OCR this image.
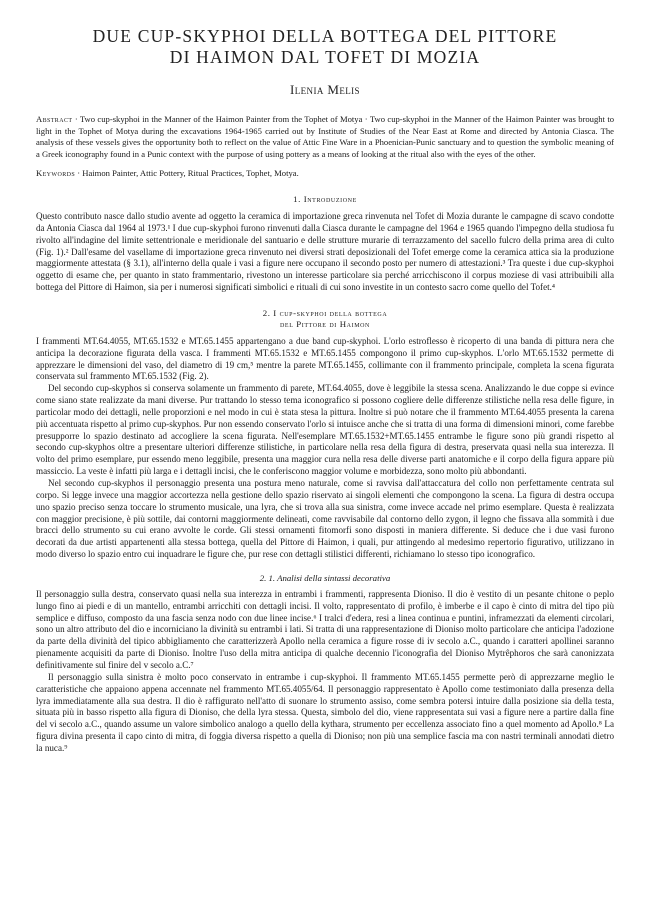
DUE CUP-SKYPHOI DELLA BOTTEGA DEL PITTORE
DI HAIMON DAL TOFET DI MOZIA
Ilenia Melis

Abstract · Two cup-skyphoi in the Manner of the Haimon Painter from the Tophet of Motya · Two cup-skyphoi in the Manner of the Haimon Painter was brought to light in the Tophet of Motya during the excavations 1964-1965 carried out by Institute of Studies of the Near East at Rome and directed by Antonia Ciasca. The analysis of these vessels gives the opportunity both to reflect on the value of Attic Fine Ware in a Phoenician-Punic sanctuary and to question the symbolic meaning of a Greek iconography found in a Punic context with the purpose of using pottery as a means of looking at the ritual also with the eyes of the other.

Keywords · Haimon Painter, Attic Pottery, Ritual Practices, Tophet, Motya.

1. Introduzione

Questo contributo nasce dallo studio avente ad oggetto la ceramica di importazione greca rinvenuta nel Tofet di Mozia durante le campagne di scavo condotte da Antonia Ciasca dal 1964 al 1973.¹ I due cup-skyphoi furono rinvenuti dalla Ciasca durante le campagne del 1964 e 1965 quando l'impegno della studiosa fu rivolto all'indagine del limite settentrionale e meridionale del santuario e delle strutture murarie di terrazzamento del sacello fulcro della prima area di culto (Fig. 1).² Dall'esame del vasellame di importazione greca rinvenuto nei diversi strati deposizionali del Tofet emerge come la ceramica attica sia la produzione maggiormente attestata (§ 3.1), all'interno della quale i vasi a figure nere occupano il secondo posto per numero di attestazioni.³ Tra queste i due cup-skyphoi oggetto di esame che, per quanto in stato frammentario, rivestono un interesse particolare sia perché arricchiscono il corpus moziese di vasi attribuibili alla bottega del Pittore di Haimon, sia per i numerosi significati simbolici e rituali di cui sono investite in un contesto sacro come quello del Tofet.⁴

2. I cup-skyphoi della bottega
del Pittore di Haimon

I frammenti MT.64.4055, MT.65.1532 e MT.65.1455 appartengano a due band cup-skyphoi. L'orlo estroflesso è ricoperto di una banda di pittura nera che anticipa la decorazione figurata della vasca. I frammenti MT.65.1532 e MT.65.1455 compongono il primo cup-skyphos. L'orlo MT.65.1532 permette di apprezzare le dimensioni del vaso, del diametro di 19 cm,⁵ mentre la parete MT.65.1455, collimante con il frammento principale, completa la scena figurata conservata sul frammento MT.65.1532 (Fig. 2).

Del secondo cup-skyphos si conserva solamente un frammento di parete, MT.64.4055, dove è leggibile la stessa scena. Analizzando le due coppe si evince come siano state realizzate da mani diverse. Pur trattando lo stesso tema iconografico si possono cogliere delle differenze stilistiche nella resa delle figure, in particolar modo dei dettagli, nelle proporzioni e nel modo in cui è stata stesa la pittura. Inoltre si può notare che il frammento MT.64.4055 presenta la carena più accentuata rispetto al primo cup-skyphos. Pur non essendo conservato l'orlo si intuisce anche che si tratta di una forma di dimensioni minori, come farebbe presupporre lo spazio destinato ad accogliere la scena figurata. Nell'esemplare MT.65.1532+MT.65.1455 entrambe le figure sono più grandi rispetto al secondo cup-skyphos oltre a presentare ulteriori differenze stilistiche, in particolare nella resa della figura di destra, preservata quasi nella sua interezza. Il volto del primo esemplare, pur essendo meno leggibile, presenta una maggior cura nella resa delle diverse parti anatomiche e il corpo della figura appare più massiccio. La veste è infatti più larga e i dettagli incisi, che le conferiscono maggior volume e morbidezza, sono molto più abbondanti.

Nel secondo cup-skyphos il personaggio presenta una postura meno naturale, come si ravvisa dall'attaccatura del collo non perfettamente centrata sul corpo. Si legge invece una maggior accortezza nella gestione dello spazio riservato ai singoli elementi che compongono la scena. La figura di destra occupa uno spazio preciso senza toccare lo strumento musicale, una lyra, che si trova alla sua sinistra, come invece accade nel primo esemplare. Questa è realizzata con maggior precisione, è più sottile, dai contorni maggiormente delineati, come ravvisabile dal contorno dello zygon, il legno che fissava alla sommità i due bracci dello strumento su cui erano avvolte le corde. Gli stessi ornamenti fitomorfi sono disposti in maniera differente. Si deduce che i due vasi furono decorati da due artisti appartenenti alla stessa bottega, quella del Pittore di Haimon, i quali, pur attingendo al medesimo repertorio figurativo, utilizzano in modo diverso lo spazio entro cui inquadrare le figure che, pur rese con dettagli stilistici differenti, richiamano lo stesso tipo iconografico.

2. 1. Analisi della sintassi decorativa

Il personaggio sulla destra, conservato quasi nella sua interezza in entrambi i frammenti, rappresenta Dioniso. Il dio è vestito di un pesante chitone o peplo lungo fino ai piedi e di un mantello, entrambi arricchiti con dettagli incisi. Il volto, rappresentato di profilo, è imberbe e il capo è cinto di mitra del tipo più semplice e diffuso, composto da una fascia senza nodo con due linee incise.⁶ I tralci d'edera, resi a linea continua e puntini, inframezzati da elementi circolari, sono un altro attributo del dio e incorniciano la divinità su entrambi i lati. Si tratta di una rappresentazione di Dioniso molto particolare che anticipa l'adozione da parte della divinità del tipico abbigliamento che caratterizzerà Apollo nella ceramica a figure rosse di iv secolo a.C., quando i caratteri apollinei saranno pienamente acquisiti da parte di Dioniso. Inoltre l'uso della mitra anticipa di qualche decennio l'iconografia del Dioniso Mytrêphoros che sarà canonizzata definitivamente sul finire del v secolo a.C.⁷

Il personaggio sulla sinistra è molto poco conservato in entrambe i cup-skyphoi. Il frammento MT.65.1455 permette però di apprezzarne meglio le caratteristiche che appaiono appena accennate nel frammento MT.65.4055/64. Il personaggio rappresentato è Apollo come testimoniato dalla presenza della lyra immediatamente alla sua destra. Il dio è raffigurato nell'atto di suonare lo strumento assiso, come sembra potersi intuire dalla posizione sia della testa, situata più in basso rispetto alla figura di Dioniso, che della lyra stessa. Questa, simbolo del dio, viene rappresentata sui vasi a figure nere a partire dalla fine del vi secolo a.C., quando assume un valore simbolico analogo a quello della kytharа, strumento per eccellenza associato fino a quel momento ad Apollo.⁸ La figura divina presenta il capo cinto di mitra, di foggia diversa rispetto a quella di Dioniso; non più una semplice fascia ma con nastri terminali annodati dietro la nuca.⁹
